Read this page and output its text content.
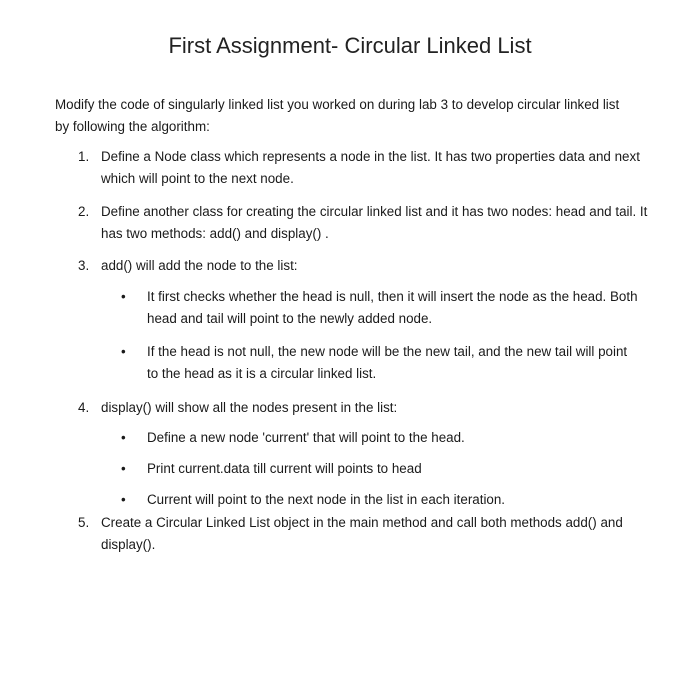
First Assignment- Circular Linked List

Modify the code of singularly linked list you worked on during lab 3 to develop circular linked list by following the algorithm:

1. Define a Node class which represents a node in the list. It has two properties data and next which will point to the next node.
2. Define another class for creating the circular linked list and it has two nodes: head and tail. It has two methods: add() and display() .
3. add() will add the node to the list:
•	It first checks whether the head is null, then it will insert the node as the head. Both head and tail will point to the newly added node.
•	If the head is not null, the new node will be the new tail, and the new tail will point to the head as it is a circular linked list.
4. display() will show all the nodes present in the list:
•	Define a new node 'current' that will point to the head.
•	Print current.data till current will points to head
•	Current will point to the next node in the list in each iteration.
5. Create a Circular Linked List object in the main method and call both methods add() and display().
